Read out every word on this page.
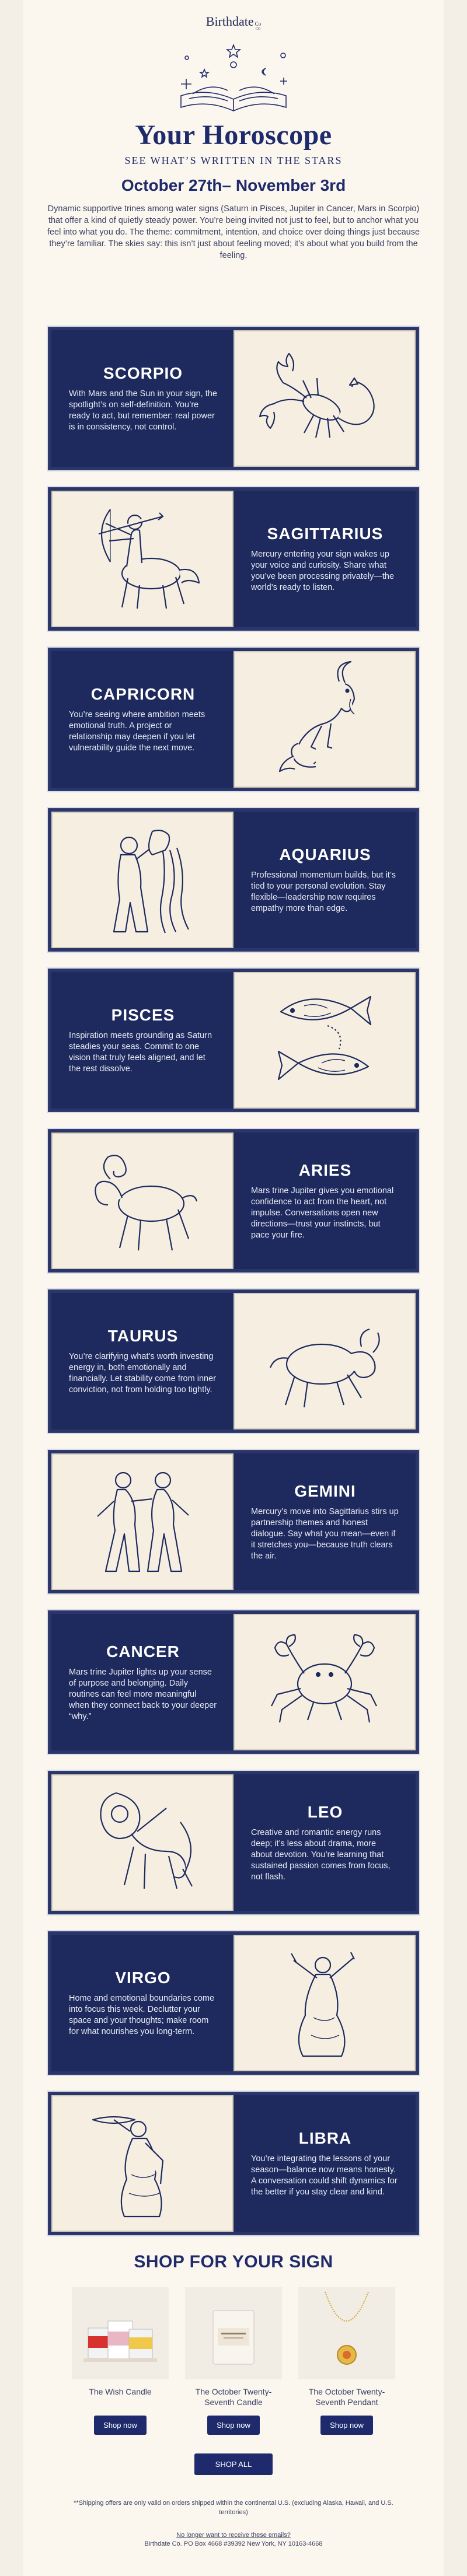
Birthdate Co
CO
Your Horoscope
SEE WHAT’S WRITTEN IN THE STARS
October 27th– November 3rd
Dynamic supportive trines among water signs (Saturn in Pisces, Jupiter in Cancer, Mars in Scorpio) that offer a kind of quietly steady power. You’re being invited not just to feel, but to anchor what you feel into what you do. The theme: commitment, intention, and choice over doing things just because they’re familiar. The skies say: this isn’t just about feeling moved; it’s about what you build from the feeling.
SCORPIO

With Mars and the Sun in your sign, the spotlight’s on self-definition. You’re ready to act, but remember: real power is in consistency, not control.

SAGITTARIUS

Mercury entering your sign wakes up your voice and curiosity. Share what you’ve been processing privately—the world’s ready to listen.

CAPRICORN

You’re seeing where ambition meets emotional truth. A project or relationship may deepen if you let vulnerability guide the next move.

AQUARIUS

Professional momentum builds, but it’s tied to your personal evolution. Stay flexible—leadership now requires empathy more than edge.

PISCES

Inspiration meets grounding as Saturn steadies your seas. Commit to one vision that truly feels aligned, and let the rest dissolve.

ARIES

Mars trine Jupiter gives you emotional confidence to act from the heart, not impulse. Conversations open new directions—trust your instincts, but pace your fire.

TAURUS

You’re clarifying what’s worth investing energy in, both emotionally and financially. Let stability come from inner conviction, not from holding too tightly.

GEMINI

Mercury’s move into Sagittarius stirs up partnership themes and honest dialogue. Say what you mean—even if it stretches you—because truth clears the air.

CANCER

Mars trine Jupiter lights up your sense of purpose and belonging. Daily routines can feel more meaningful when they connect back to your deeper “why.”

LEO

Creative and romantic energy runs deep; it’s less about drama, more about devotion. You’re learning that sustained passion comes from focus, not flash.

VIRGO

Home and emotional boundaries come into focus this week. Declutter your space and your thoughts; make room for what nourishes you long-term.

LIBRA

You’re integrating the lessons of your season—balance now means honesty. A conversation could shift dynamics for the better if you stay clear and kind.

SHOP FOR YOUR SIGN
The Wish Candle
Shop now
The October Twenty-Seventh Candle
Shop now
The October Twenty-Seventh Pendant
Shop now
SHOP ALL
**Shipping offers are only valid on orders shipped within the continental U.S. (excluding Alaska, Hawaii, and U.S. territories)
No longer want to receive these emails?
Birthdate Co. PO Box 4668 #39392 New York, NY 10163-4668
